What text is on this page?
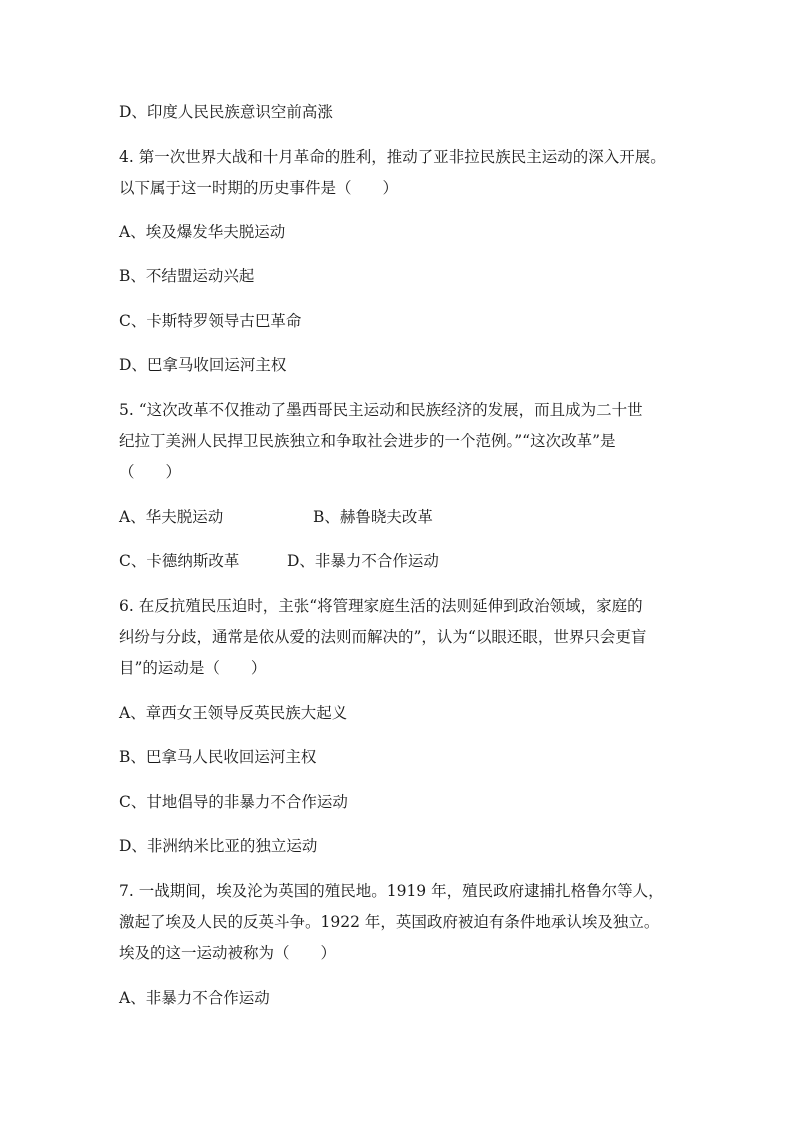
D、印度人民民族意识空前高涨
4. 第一次世界大战和十月革命的胜利，推动了亚非拉民族民主运动的深入开展。
以下属于这一时期的历史事件是（　　）
A、埃及爆发华夫脱运动
B、不结盟运动兴起
C、卡斯特罗领导古巴革命
D、巴拿马收回运河主权
5. “这次改革不仅推动了墨西哥民主运动和民族经济的发展，而且成为二十世
纪拉丁美洲人民捍卫民族独立和争取社会进步的一个范例。”“这次改革”是
（　　）
A、华夫脱运动	B、赫鲁晓夫改革
C、卡德纳斯改革	D、非暴力不合作运动
6. 在反抗殖民压迫时，主张“将管理家庭生活的法则延伸到政治领域，家庭的
纠纷与分歧，通常是依从爱的法则而解决的”，认为“以眼还眼，世界只会更盲
目”的运动是（　　）
A、章西女王领导反英民族大起义
B、巴拿马人民收回运河主权
C、甘地倡导的非暴力不合作运动
D、非洲纳米比亚的独立运动
7. 一战期间，埃及沦为英国的殖民地。1919 年，殖民政府逮捕扎格鲁尔等人，
激起了埃及人民的反英斗争。1922 年，英国政府被迫有条件地承认埃及独立。
埃及的这一运动被称为（　　）
A、非暴力不合作运动
